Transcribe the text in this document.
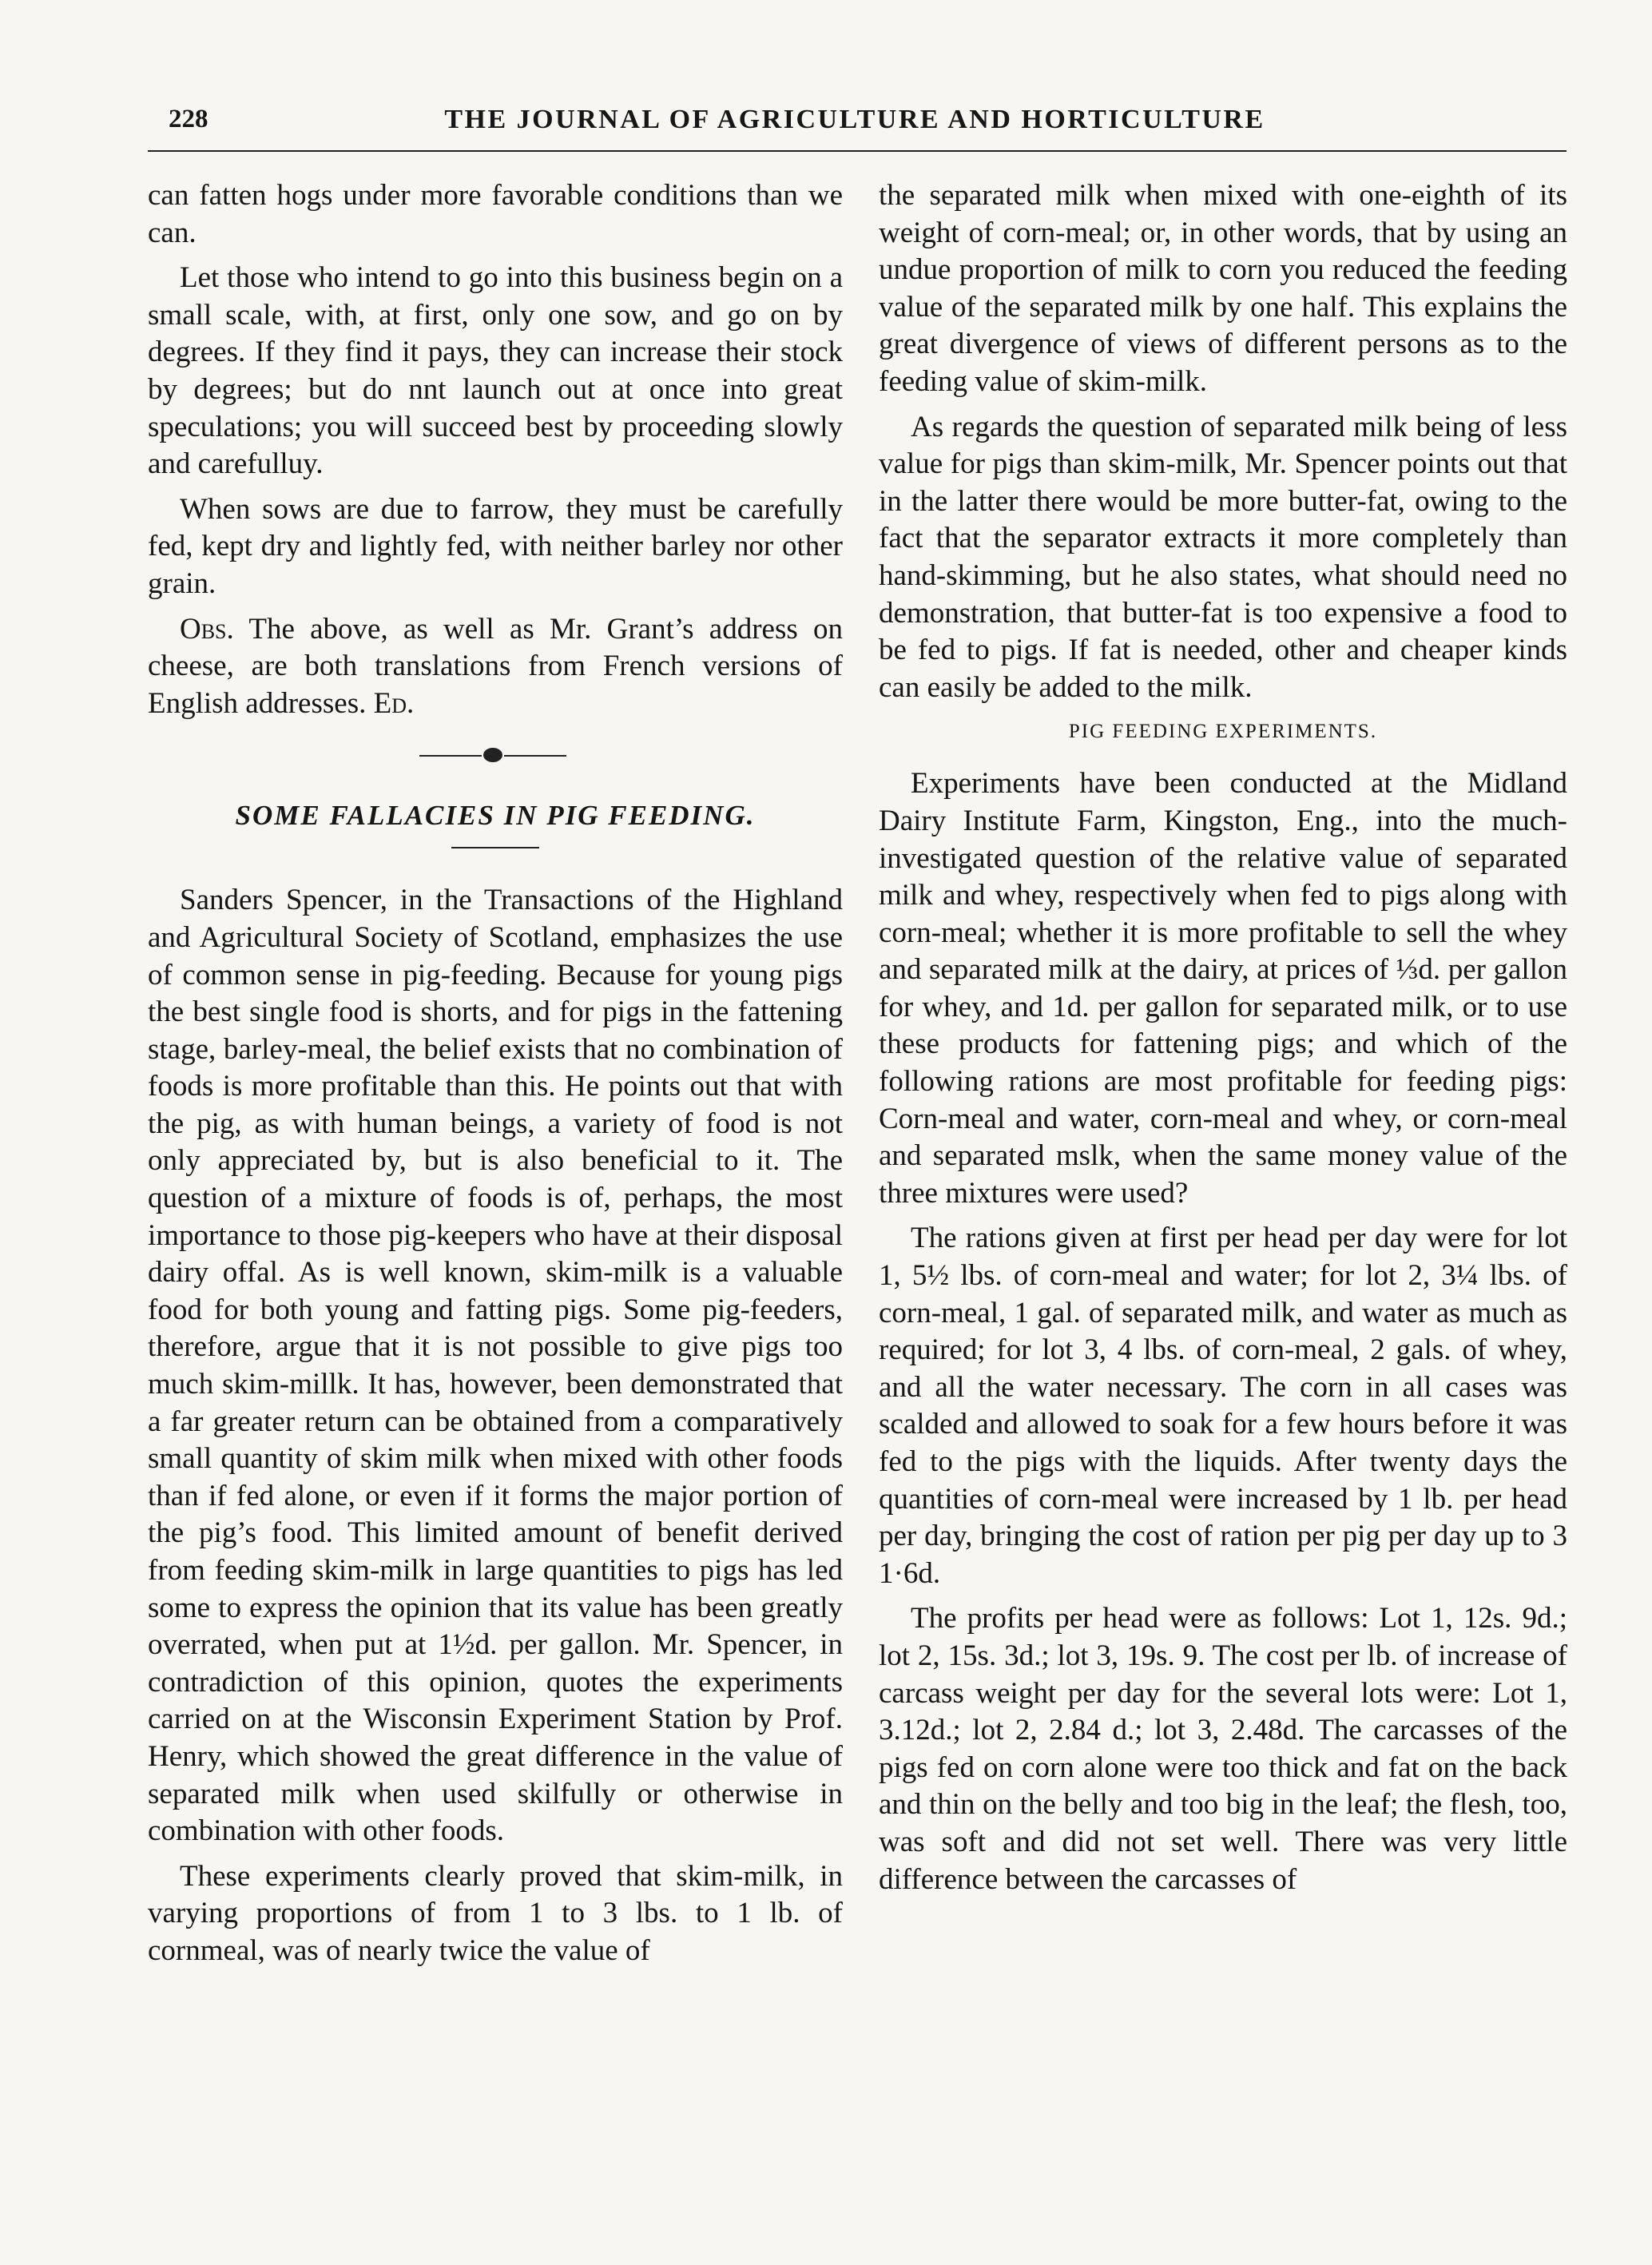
228	THE JOURNAL OF AGRICULTURE AND HORTICULTURE

can fatten hogs under more favorable conditions than we can.

Let those who intend to go into this business begin on a small scale, with, at first, only one sow, and go on by degrees. If they find it pays, they can increase their stock by degrees; but do nnt launch out at once into great speculations; you will succeed best by proceeding slowly and carefulluy.

When sows are due to farrow, they must be carefully fed, kept dry and lightly fed, with neither barley nor other grain.

Obs. The above, as well as Mr. Grant’s address on cheese, are both translations from French versions of English addresses. Ed.

SOME FALLACIES IN PIG FEEDING.

Sanders Spencer, in the Transactions of the Highland and Agricultural Society of Scotland, emphasizes the use of common sense in pig-feeding. Because for young pigs the best single food is shorts, and for pigs in the fattening stage, barley-meal, the belief exists that no combination of foods is more profitable than this. He points out that with the pig, as with human beings, a variety of food is not only appreciated by, but is also beneficial to it. The question of a mixture of foods is of, perhaps, the most importance to those pig-keepers who have at their disposal dairy offal. As is well known, skim-milk is a valuable food for both young and fatting pigs. Some pig-feeders, therefore, argue that it is not possible to give pigs too much skim-millk. It has, however, been demonstrated that a far greater return can be obtained from a comparatively small quantity of skim milk when mixed with other foods than if fed alone, or even if it forms the major portion of the pig’s food. This limited amount of benefit derived from feeding skim-milk in large quantities to pigs has led some to express the opinion that its value has been greatly overrated, when put at 1½d. per gallon. Mr. Spencer, in contradiction of this opinion, quotes the experiments carried on at the Wisconsin Experiment Station by Prof. Henry, which showed the great difference in the value of separated milk when used skilfully or otherwise in combination with other foods.

These experiments clearly proved that skim-milk, in varying proportions of from 1 to 3 lbs. to 1 lb. of cornmeal, was of nearly twice the value of

the separated milk when mixed with one-eighth of its weight of corn-meal; or, in other words, that by using an undue proportion of milk to corn you reduced the feeding value of the separated milk by one half. This explains the great divergence of views of different persons as to the feeding value of skim-milk.

As regards the question of separated milk being of less value for pigs than skim-milk, Mr. Spencer points out that in the latter there would be more butter-fat, owing to the fact that the separator extracts it more completely than hand-skimming, but he also states, what should need no demonstration, that butter-fat is too expensive a food to be fed to pigs. If fat is needed, other and cheaper kinds can easily be added to the milk.

PIG FEEDING EXPERIMENTS.

Experiments have been conducted at the Midland Dairy Institute Farm, Kingston, Eng., into the much-investigated question of the relative value of separated milk and whey, respectively when fed to pigs along with corn-meal; whether it is more profitable to sell the whey and separated milk at the dairy, at prices of ⅓d. per gallon for whey, and 1d. per gallon for separated milk, or to use these products for fattening pigs; and which of the following rations are most profitable for feeding pigs: Corn-meal and water, corn-meal and whey, or corn-meal and separated mslk, when the same money value of the three mixtures were used?

The rations given at first per head per day were for lot 1, 5½ lbs. of corn-meal and water; for lot 2, 3¼ lbs. of corn-meal, 1 gal. of separated milk, and water as much as required; for lot 3, 4 lbs. of corn-meal, 2 gals. of whey, and all the water necessary. The corn in all cases was scalded and allowed to soak for a few hours before it was fed to the pigs with the liquids. After twenty days the quantities of corn-meal were increased by 1 lb. per head per day, bringing the cost of ration per pig per day up to 3 1·6d.

The profits per head were as follows: Lot 1, 12s. 9d.; lot 2, 15s. 3d.; lot 3, 19s. 9. The cost per lb. of increase of carcass weight per day for the several lots were: Lot 1, 3.12d.; lot 2, 2.84 d.; lot 3, 2.48d. The carcasses of the pigs fed on corn alone were too thick and fat on the back and thin on the belly and too big in the leaf; the flesh, too, was soft and did not set well. There was very little difference between the carcasses of
